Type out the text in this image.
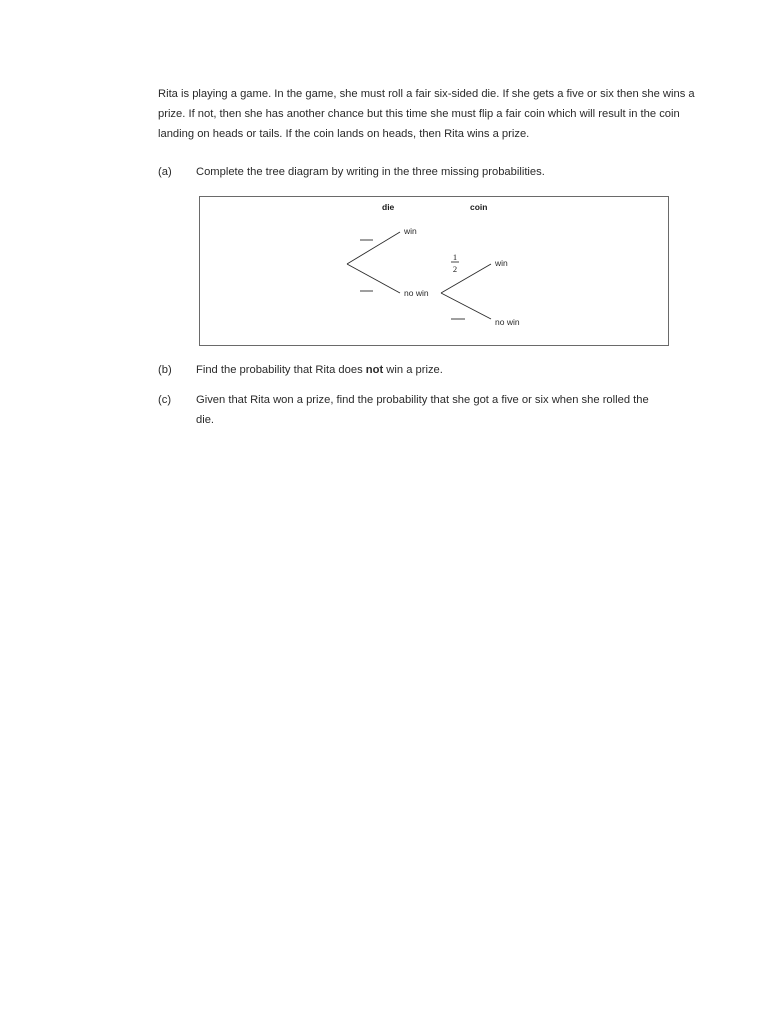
Rita is playing a game. In the game, she must roll a fair six-sided die. If she gets a five or six then she wins a
prize. If not, then she has another chance but this time she must flip a fair coin which will result in the coin
landing on heads or tails. If the coin lands on heads, then Rita wins a prize.
(a)	Complete the tree diagram by writing in the three missing probabilities.
die	coin
win
no win
1
2
win
no win
(b)	Find the probability that Rita does not win a prize.
(c)	Given that Rita won a prize, find the probability that she got a five or six when she rolled the
die.
